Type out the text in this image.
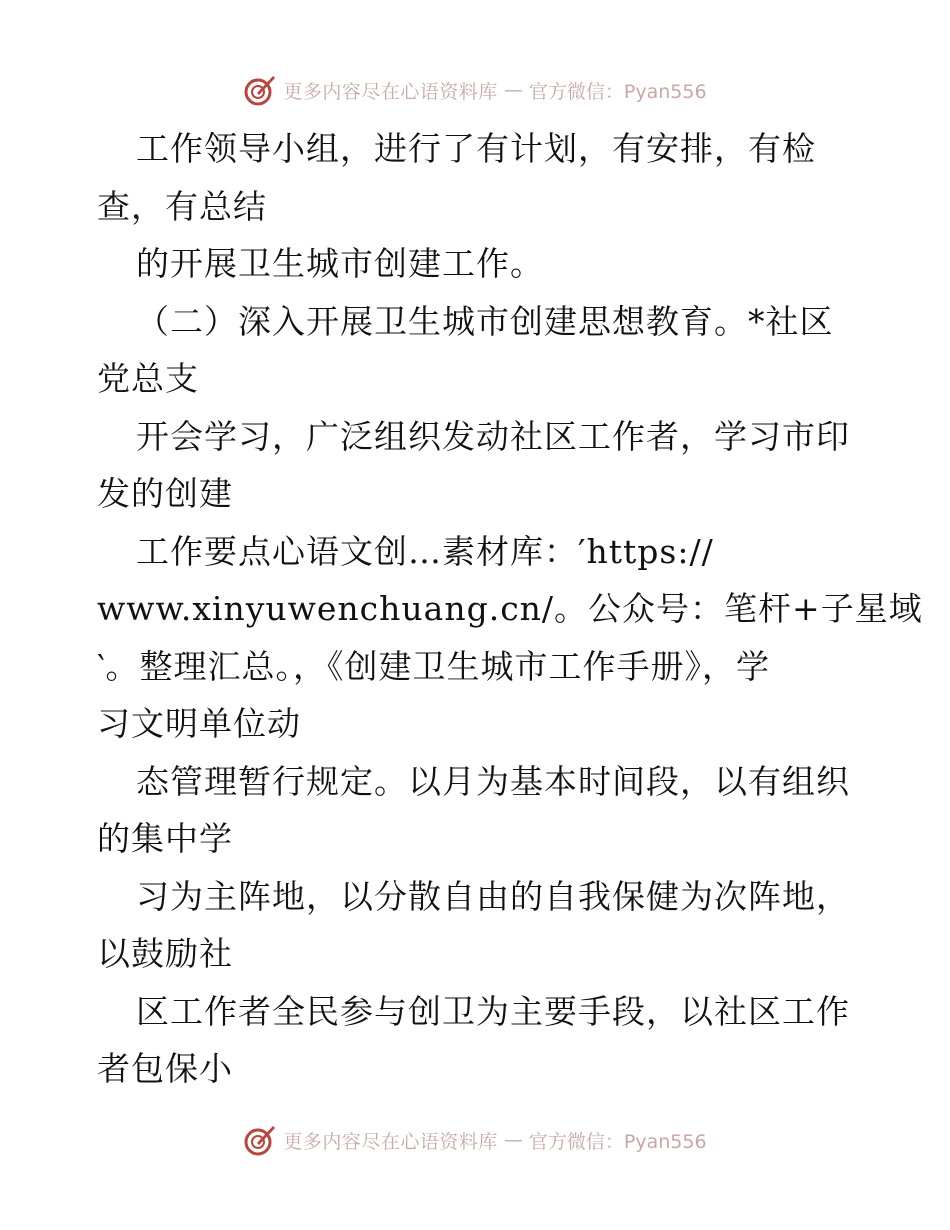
更多内容尽在心语资料库 — 官方微信：Pyan556
工作领导小组，进行了有计划，有安排，有检
查，有总结
的开展卫生城市创建工作。
（二）深入开展卫生城市创建思想教育。*社区
党总支
开会学习，广泛组织发动社区工作者，学习市印
发的创建
工作要点心语文创…素材库：′https://
www.xinyuwenchuang.cn/。公众号：笔杆+子星域
‵。整理汇总。，《创建卫生城市工作手册》，学
习文明单位动
态管理暂行规定。以月为基本时间段，以有组织
的集中学
习为主阵地，以分散自由的自我保健为次阵地，
以鼓励社
区工作者全民参与创卫为主要手段，以社区工作
者包保小
更多内容尽在心语资料库 — 官方微信：Pyan556
